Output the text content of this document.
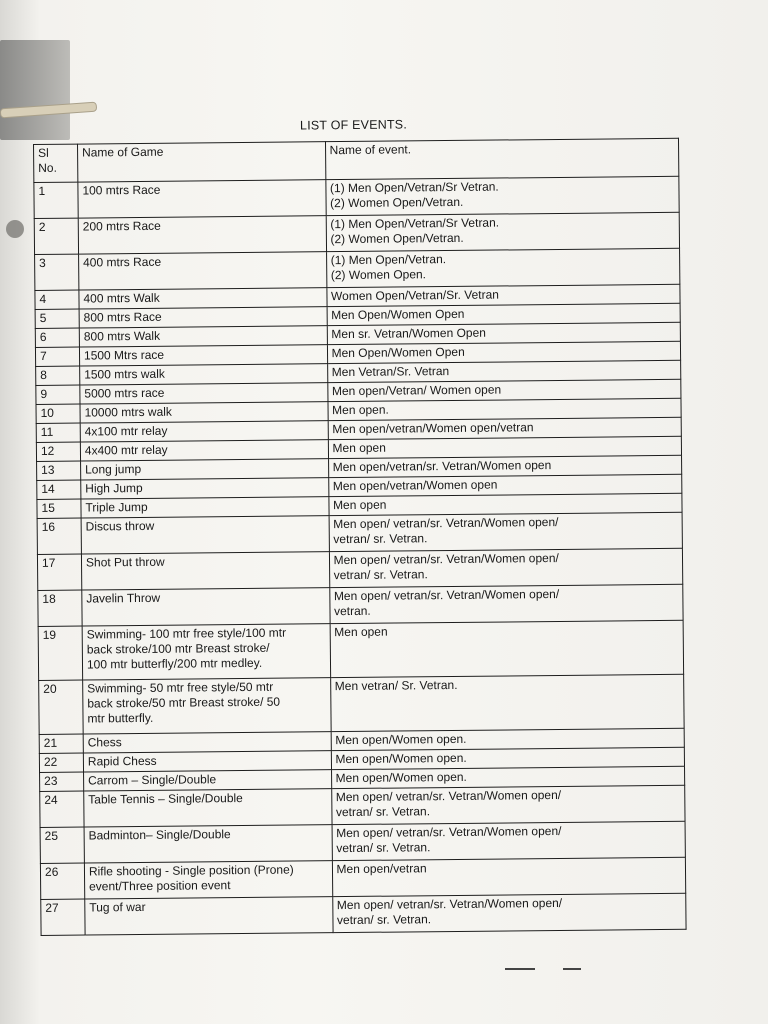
LIST OF EVENTS.
Sl
No.	Name of Game	Name of event.
1	100 mtrs Race	(1) Men Open/Vetran/Sr Vetran.
(2) Women Open/Vetran.
2	200 mtrs Race	(1) Men Open/Vetran/Sr Vetran.
(2) Women Open/Vetran.
3	400 mtrs Race	(1) Men Open/Vetran.
(2) Women Open.
4	400 mtrs Walk	Women Open/Vetran/Sr. Vetran
5	800 mtrs Race	Men Open/Women Open
6	800 mtrs Walk	Men sr. Vetran/Women Open
7	1500 Mtrs race	Men Open/Women Open
8	1500 mtrs walk	Men Vetran/Sr. Vetran
9	5000 mtrs race	Men open/Vetran/ Women open
10	10000 mtrs walk	Men open.
11	4x100 mtr relay	Men open/vetran/Women open/vetran
12	4x400 mtr relay	Men open
13	Long jump	Men open/vetran/sr. Vetran/Women open
14	High Jump	Men open/vetran/Women open
15	Triple Jump	Men open
16	Discus throw	Men open/ vetran/sr. Vetran/Women open/
vetran/ sr. Vetran.
17	Shot Put throw	Men open/ vetran/sr. Vetran/Women open/
vetran/ sr. Vetran.
18	Javelin Throw	Men open/ vetran/sr. Vetran/Women open/
vetran.
19	Swimming- 100 mtr free style/100 mtr
back stroke/100 mtr Breast stroke/
100 mtr butterfly/200 mtr medley.	Men open
20	Swimming- 50 mtr free style/50 mtr
back stroke/50 mtr Breast stroke/ 50
mtr butterfly.	Men vetran/ Sr. Vetran.
21	Chess	Men open/Women open.
22	Rapid Chess	Men open/Women open.
23	Carrom – Single/Double	Men open/Women open.
24	Table Tennis – Single/Double	Men open/ vetran/sr. Vetran/Women open/
vetran/ sr. Vetran.
25	Badminton– Single/Double	Men open/ vetran/sr. Vetran/Women open/
vetran/ sr. Vetran.
26	Rifle shooting - Single position (Prone)
event/Three position event	Men open/vetran
27	Tug of war	Men open/ vetran/sr. Vetran/Women open/
vetran/ sr. Vetran.
